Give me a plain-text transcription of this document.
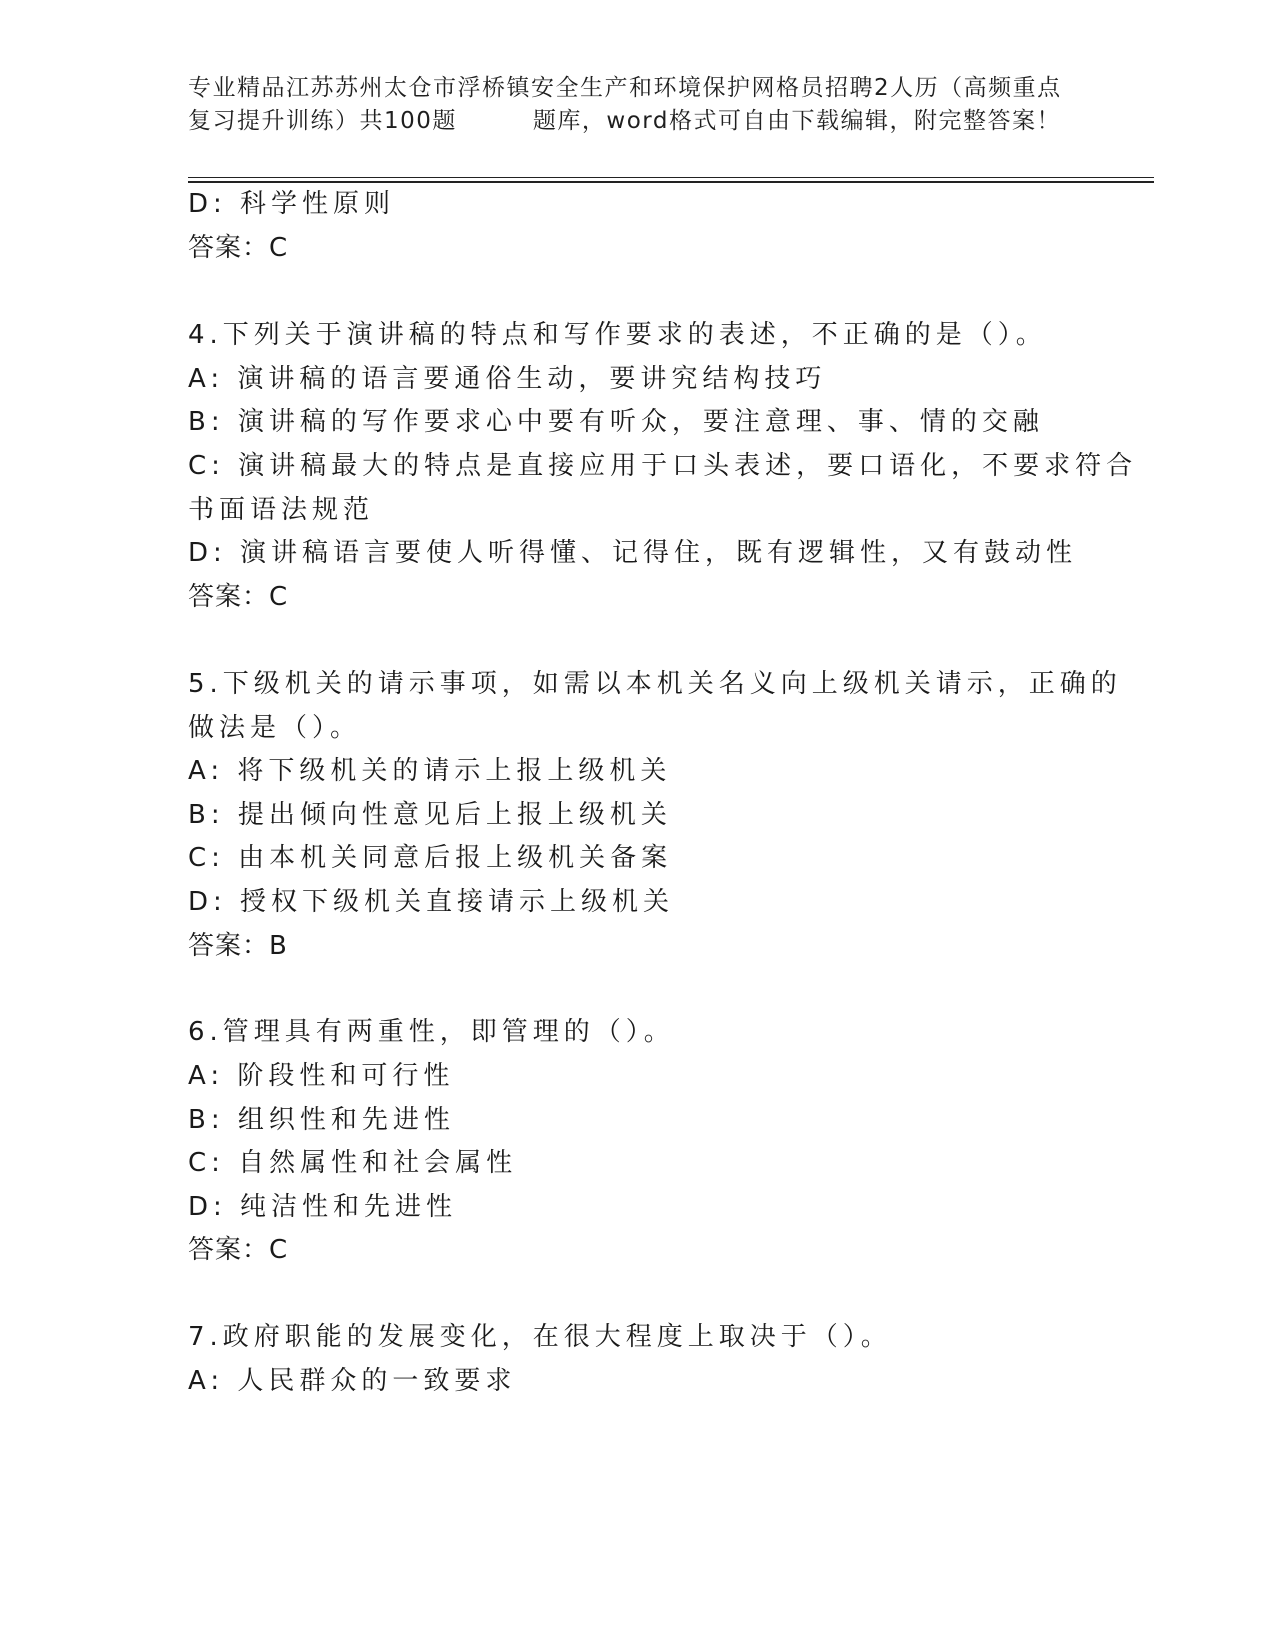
专业精品江苏苏州太仓市浮桥镇安全生产和环境保护网格员招聘2人历（高频重点
复习提升训练）共100题	题库，word格式可自由下载编辑，附完整答案！
D: 科学性原则
答案：C
4.下列关于演讲稿的特点和写作要求的表述，不正确的是（）。
A: 演讲稿的语言要通俗生动，要讲究结构技巧
B: 演讲稿的写作要求心中要有听众，要注意理、事、情的交融
C: 演讲稿最大的特点是直接应用于口头表述，要口语化，不要求符合
书面语法规范
D: 演讲稿语言要使人听得懂、记得住，既有逻辑性，又有鼓动性
答案：C
5.下级机关的请示事项，如需以本机关名义向上级机关请示，正确的
做法是（）。
A: 将下级机关的请示上报上级机关
B: 提出倾向性意见后上报上级机关
C: 由本机关同意后报上级机关备案
D: 授权下级机关直接请示上级机关
答案：B
6.管理具有两重性，即管理的（）。
A: 阶段性和可行性
B: 组织性和先进性
C: 自然属性和社会属性
D: 纯洁性和先进性
答案：C
7.政府职能的发展变化，在很大程度上取决于（）。
A: 人民群众的一致要求
